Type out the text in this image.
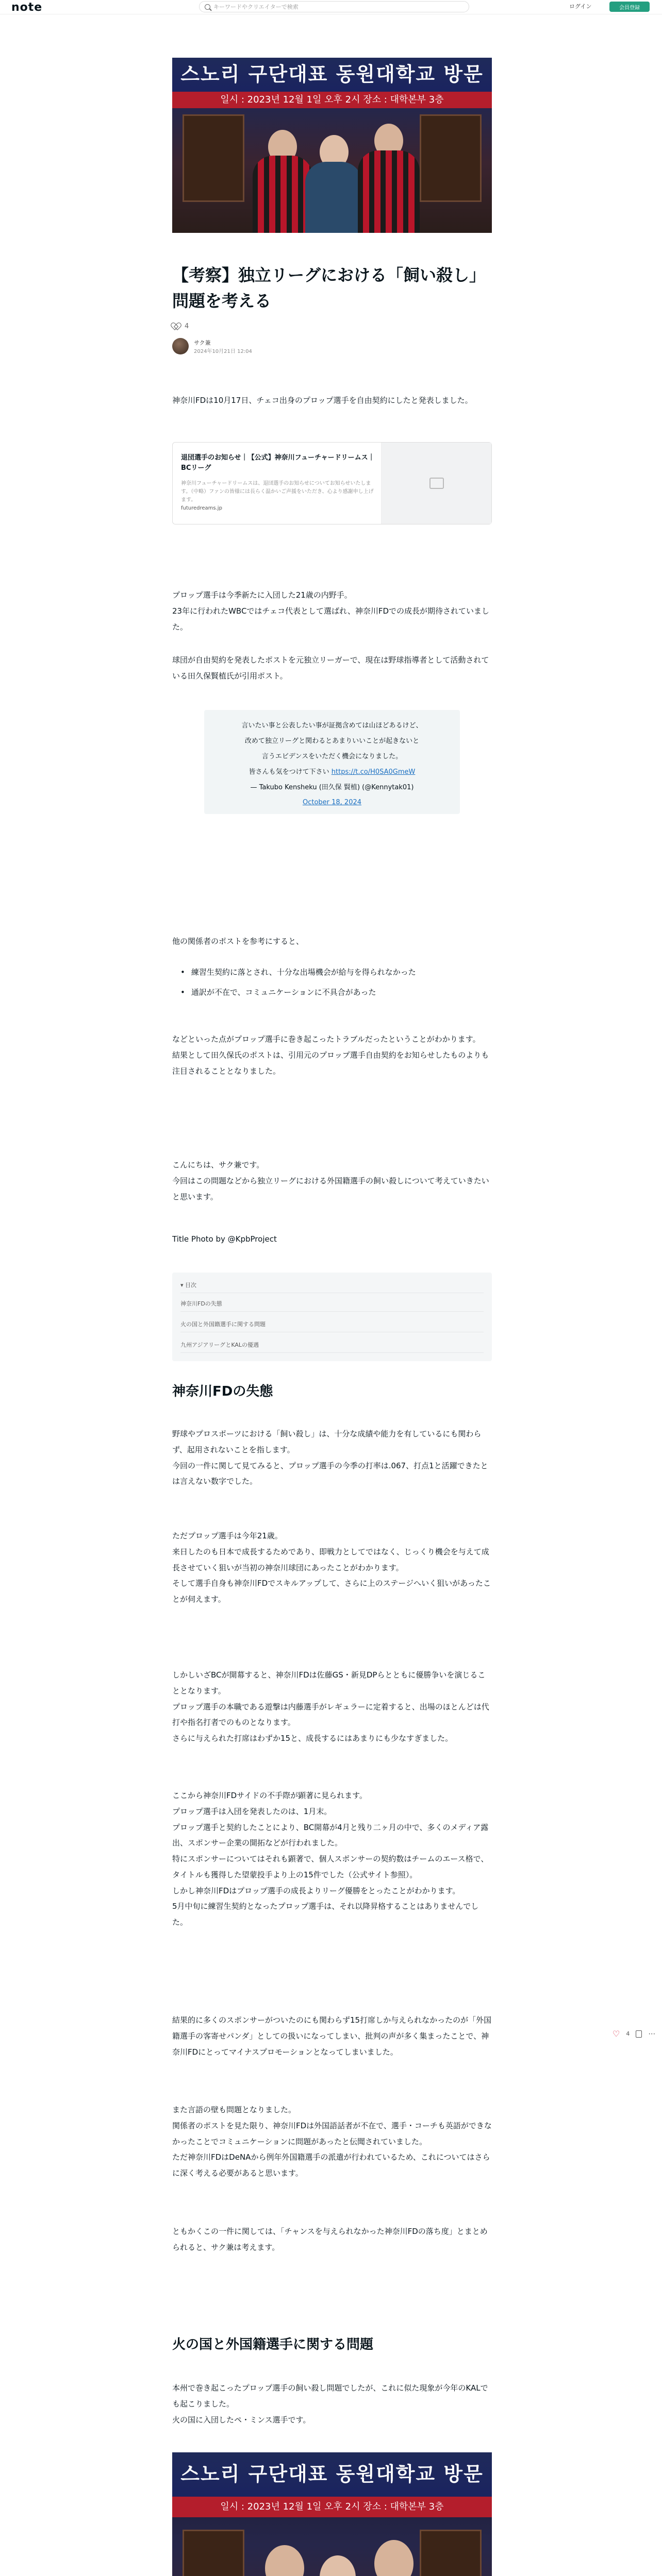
note	キーワードやクリエイターで検索	ログイン	会員登録
스노리 구단대표 동원대학교 방문
일시 : 2023년 12월 1일 오후 2시 장소 : 대학본부 3층
【考察】独立リーグにおける「飼い殺し」問題を考える
4
サク兼
2024年10月21日 12:04
神奈川FDは10月17日、チェコ出身のプロップ選手を自由契約にしたと発表しました。
退団選手のお知らせ｜【公式】神奈川フューチャードリームス｜BCリーグ
神奈川フューチャードリームスは、退団選手のお知らせについてお知らせいたします。（中略）ファンの皆様には長らく温かいご声援をいただき、心より感謝申し上げます。
futuredreams.jp
プロップ選手は今季新たに入団した21歳の内野手。
23年に行われたWBCではチェコ代表として選ばれ、神奈川FDでの成長が期待されていました。
球団が自由契約を発表したポストを元独立リーガーで、現在は野球指導者として活動されている田久保賢植氏が引用ポスト。
言いたい事と公表したい事が証拠含めては山ほどあるけど、
改めて独立リーグと関わるとあまりいいことが起きないと
言うエビデンスをいただく機会になりました。
皆さんも気をつけて下さい https://t.co/H0SA0GmeW
— Takubo Kensheku (田久保 賢植) (@Kennytak01)
October 18, 2024
他の関係者のポストを参考にすると、
• 練習生契約に落とされ、十分な出場機会が給与を得られなかった
• 通訳が不在で、コミュニケーションに不具合があった
などといった点がプロップ選手に巻き起こったトラブルだったということがわかります。
結果として田久保氏のポストは、引用元のプロップ選手自由契約をお知らせしたものよりも注目されることとなりました。
こんにちは、サク兼です。
今回はこの問題などから独立リーグにおける外国籍選手の飼い殺しについて考えていきたいと思います。
Title Photo by @KpbProject
▾ 目次
神奈川FDの失態
火の国と外国籍選手に関する問題
九州アジアリーグとKALの優遇
神奈川FDの失態
野球やプロスポーツにおける「飼い殺し」は、十分な成績や能力を有しているにも関わらず、起用されないことを指します。
今回の一件に関して見てみると、プロップ選手の今季の打率は.067、打点1と活躍できたとは言えない数字でした。
ただプロップ選手は今年21歳。
来日したのも日本で成長するためであり、即戦力としてではなく、じっくり機会を与えて成長させていく狙いが当初の神奈川球団にあったことがわかります。
そして選手自身も神奈川FDでスキルアップして、さらに上のステージへいく狙いがあったことが伺えます。
しかしいざBCが開幕すると、神奈川FDは佐藤GS・新見DPらとともに優勝争いを演じることとなります。
プロップ選手の本職である遊撃は内藤選手がレギュラーに定着すると、出場のほとんどは代打や指名打者でのものとなります。
さらに与えられた打席はわずか15と、成長するにはあまりにも少なすぎました。
ここから神奈川FDサイドの不手際が顕著に見られます。
プロップ選手は入団を発表したのは、1月末。
プロップ選手と契約したことにより、BC開幕が4月と残り二ヶ月の中で、多くのメディア露出、スポンサー企業の開拓などが行われました。
特にスポンサーについてはそれも顕著で、個人スポンサーの契約数はチームのエース格で、タイトルも獲得した望蒙投手より上の15件でした（公式サイト参照）。
しかし神奈川FDはプロップ選手の成長よりリーグ優勝をとったことがわかります。
5月中旬に練習生契約となったプロップ選手は、それ以降昇格することはありませんでした。
結果的に多くのスポンサーがついたのにも関わらず15打席しか与えられなかったのが「外国籍選手の客寄せパンダ」としての扱いになってしまい、批判の声が多く集まったことで、神奈川FDにとってマイナスプロモーションとなってしまいました。
また言語の壁も問題となりました。
関係者のポストを見た限り、神奈川FDは外国語話者が不在で、選手・コーチも英語ができなかったことでコミュニケーションに問題があったと伝聞されていました。
ただ神奈川FDはDeNAから例年外国籍選手の派遣が行われているため、これについてはさらに深く考える必要があると思います。
ともかくこの一件に関しては、「チャンスを与えられなかった神奈川FDの落ち度」とまとめられると、サク兼は考えます。
♡ 4	⋯
火の国と外国籍選手に関する問題
本州で巻き起こったプロップ選手の飼い殺し問題でしたが、これに似た現象が今年のKALでも起こりました。
火の国に入団したペ・ミンス選手です。
스노리 구단대표 동원대학교 방문
일시 : 2023년 12월 1일 오후 2시 장소 : 대학본부 3층
